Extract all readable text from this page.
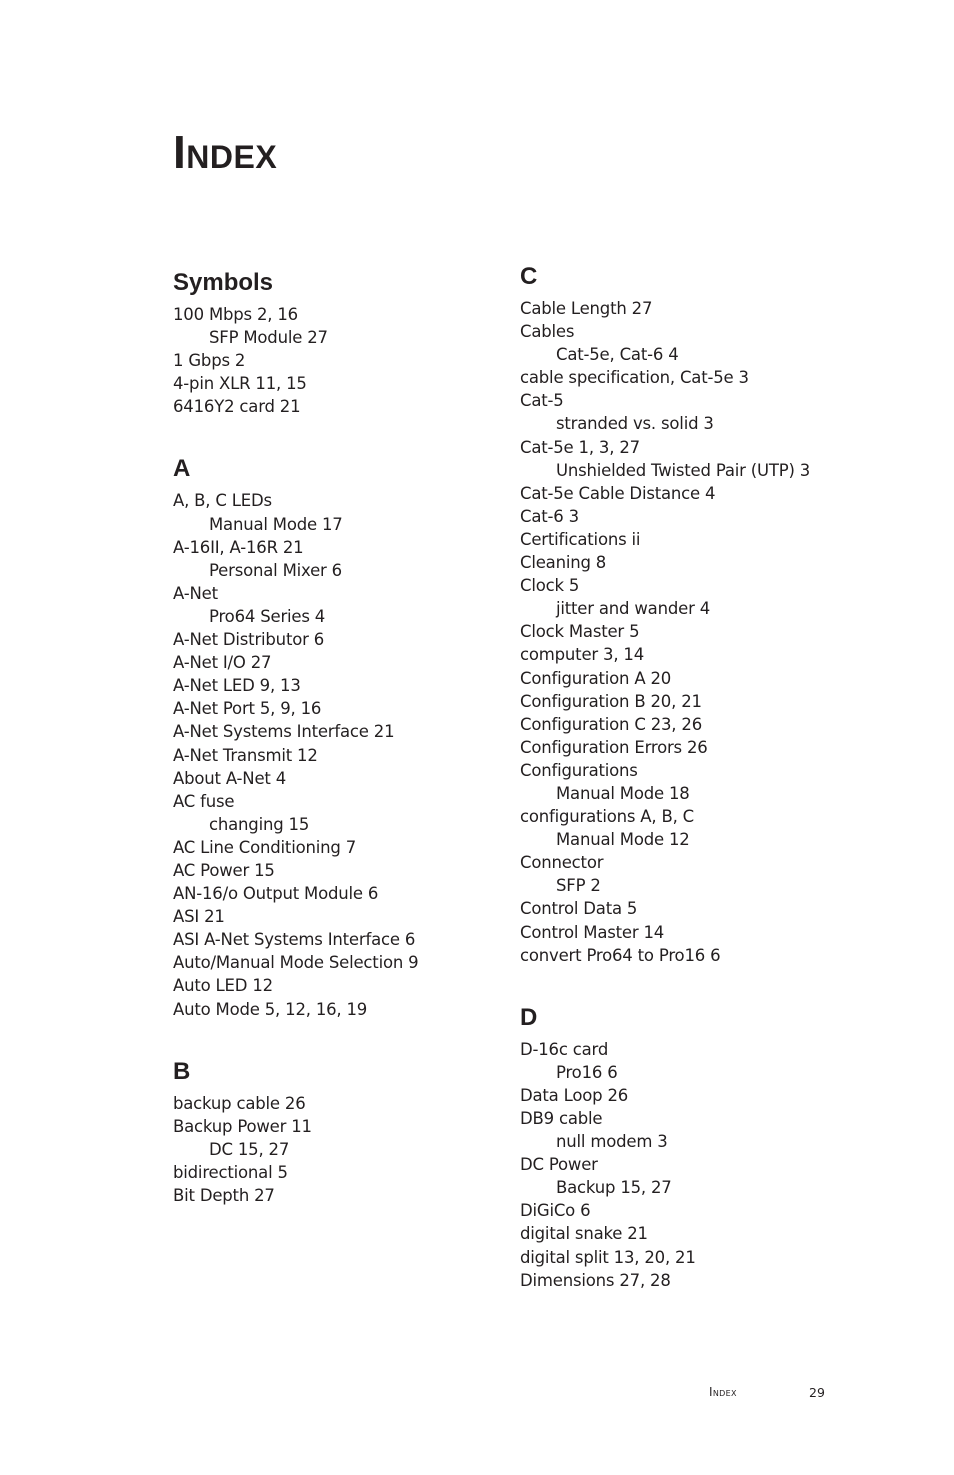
Index
Symbols
100 Mbps 2, 16
SFP Module 27
1 Gbps 2
4-pin XLR 11, 15
6416Y2 card 21
A
A, B, C LEDs
Manual Mode 17
A-16II, A-16R 21
Personal Mixer 6
A-Net
Pro64 Series 4
A-Net Distributor 6
A-Net I/O 27
A-Net LED 9, 13
A-Net Port 5, 9, 16
A-Net Systems Interface 21
A-Net Transmit 12
About A-Net 4
AC fuse
changing 15
AC Line Conditioning 7
AC Power 15
AN-16/o Output Module 6
ASI 21
ASI A-Net Systems Interface 6
Auto/Manual Mode Selection 9
Auto LED 12
Auto Mode 5, 12, 16, 19
B
backup cable 26
Backup Power 11
DC 15, 27
bidirectional 5
Bit Depth 27
C
Cable Length 27
Cables
Cat-5e, Cat-6 4
cable specification, Cat-5e 3
Cat-5
stranded vs. solid 3
Cat-5e 1, 3, 27
Unshielded Twisted Pair (UTP) 3
Cat-5e Cable Distance 4
Cat-6 3
Certifications ii
Cleaning 8
Clock 5
jitter and wander 4
Clock Master 5
computer 3, 14
Configuration A 20
Configuration B 20, 21
Configuration C 23, 26
Configuration Errors 26
Configurations
Manual Mode 18
configurations A, B, C
Manual Mode 12
Connector
SFP 2
Control Data 5
Control Master 14
convert Pro64 to Pro16 6
D
D-16c card
Pro16 6
Data Loop 26
DB9 cable
null modem 3
DC Power
Backup 15, 27
DiGiCo 6
digital snake 21
digital split 13, 20, 21
Dimensions 27, 28
Index	29
